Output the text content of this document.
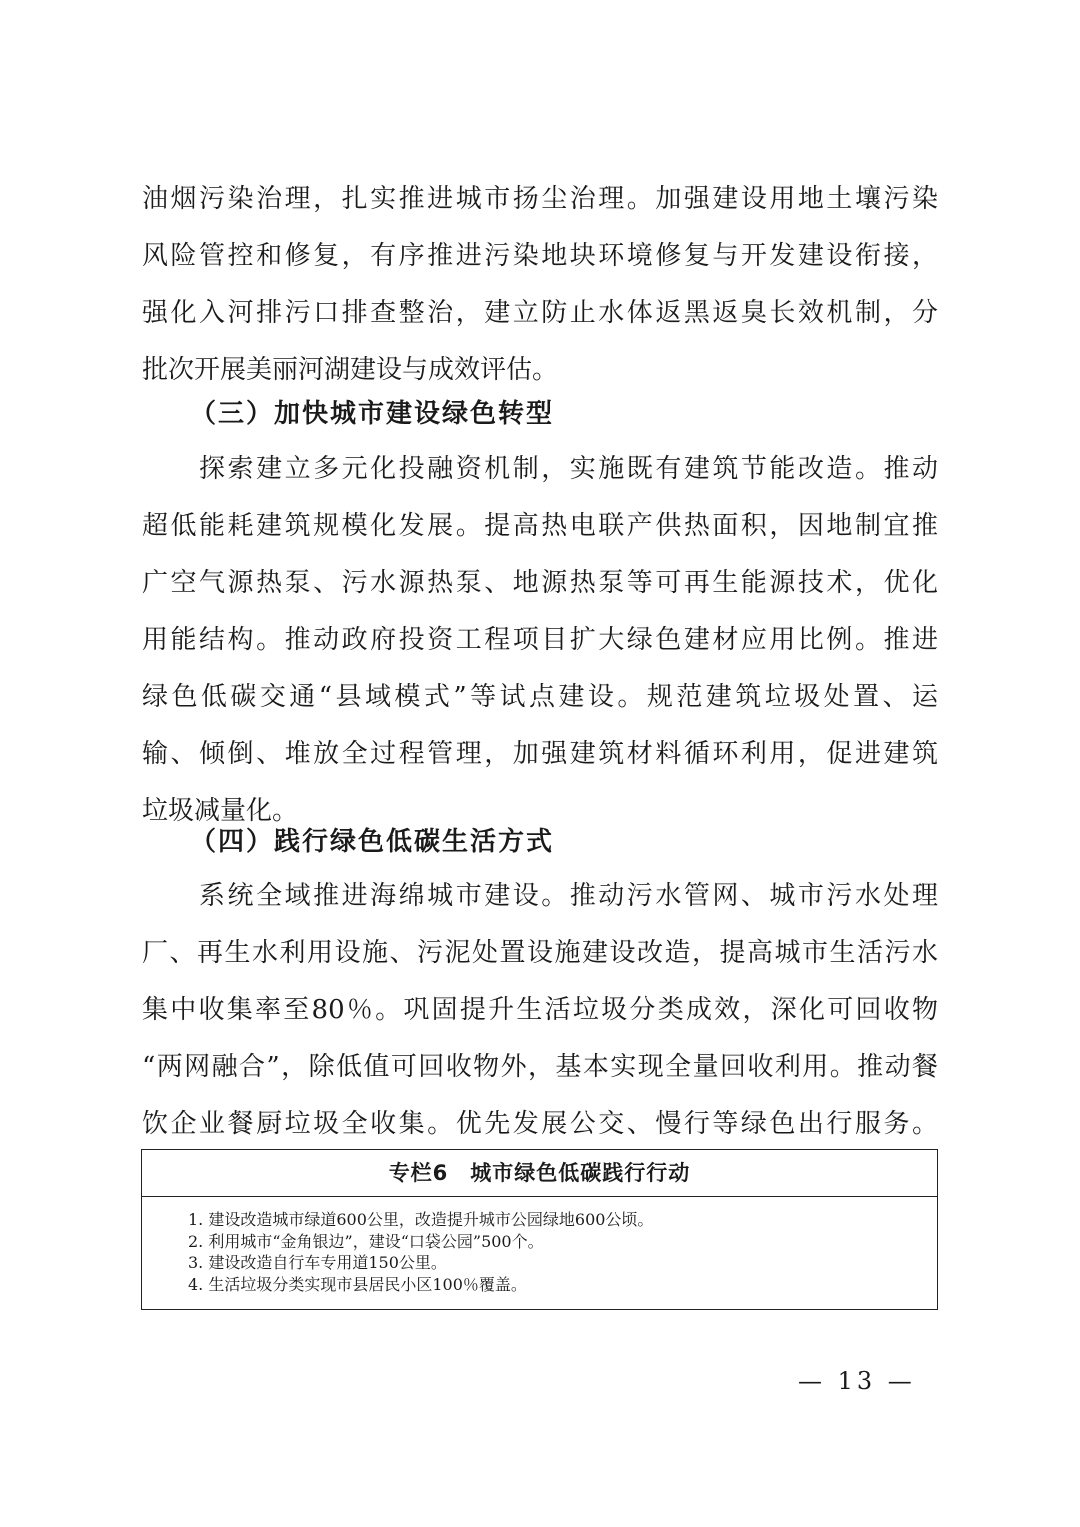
油烟污染治理，扎实推进城市扬尘治理。加强建设用地土壤污染
风险管控和修复，有序推进污染地块环境修复与开发建设衔接，
强化入河排污口排查整治，建立防止水体返黑返臭长效机制，分
批次开展美丽河湖建设与成效评估。
（三）加快城市建设绿色转型
　　探索建立多元化投融资机制，实施既有建筑节能改造。推动
超低能耗建筑规模化发展。提高热电联产供热面积，因地制宜推
广空气源热泵、污水源热泵、地源热泵等可再生能源技术，优化
用能结构。推动政府投资工程项目扩大绿色建材应用比例。推进
绿色低碳交通“县域模式”等试点建设。规范建筑垃圾处置、运
输、倾倒、堆放全过程管理，加强建筑材料循环利用，促进建筑
垃圾减量化。
（四）践行绿色低碳生活方式
　　系统全域推进海绵城市建设。推动污水管网、城市污水处理
厂、再生水利用设施、污泥处置设施建设改造，提高城市生活污水
集中收集率至80％。巩固提升生活垃圾分类成效，深化可回收物
“两网融合”，除低值可回收物外，基本实现全量回收利用。推动餐
饮企业餐厨垃圾全收集。优先发展公交、慢行等绿色出行服务。
专栏6　城市绿色低碳践行行动
1. 建设改造城市绿道600公里，改造提升城市公园绿地600公顷。
2. 利用城市“金角银边”，建设“口袋公园”500个。
3. 建设改造自行车专用道150公里。
4. 生活垃圾分类实现市县居民小区100％覆盖。
— 13 —
